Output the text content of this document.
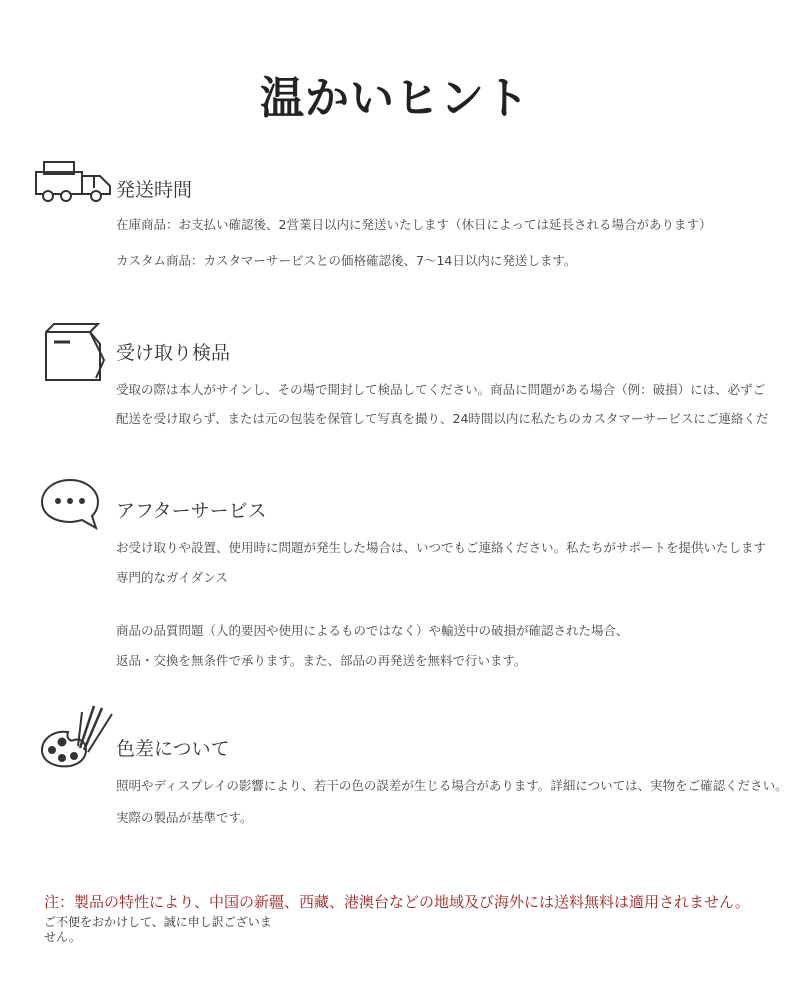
温かいヒント
発送時間
在庫商品：お支払い確認後、2営業日以内に発送いたします（休日によっては延長される場合があります）
カスタム商品：カスタマーサービスとの価格確認後、7〜14日以内に発送します。
受け取り検品
受取の際は本人がサインし、その場で開封して検品してください。商品に問題がある場合（例：破損）には、必ずご
配送を受け取らず、または元の包装を保管して写真を撮り、24時間以内に私たちのカスタマーサービスにご連絡くだ
アフターサービス
お受け取りや設置、使用時に問題が発生した場合は、いつでもご連絡ください。私たちがサポートを提供いたします
専門的なガイダンス
商品の品質問題（人的要因や使用によるものではなく）や輸送中の破損が確認された場合、
返品・交換を無条件で承ります。また、部品の再発送を無料で行います。
色差について
照明やディスプレイの影響により、若干の色の誤差が生じる場合があります。詳細については、実物をご確認ください。
実際の製品が基準です。
注：製品の特性により、中国の新疆、西藏、港澳台などの地域及び海外には送料無料は適用されません。
ご不便をおかけして、誠に申し訳ございません。
